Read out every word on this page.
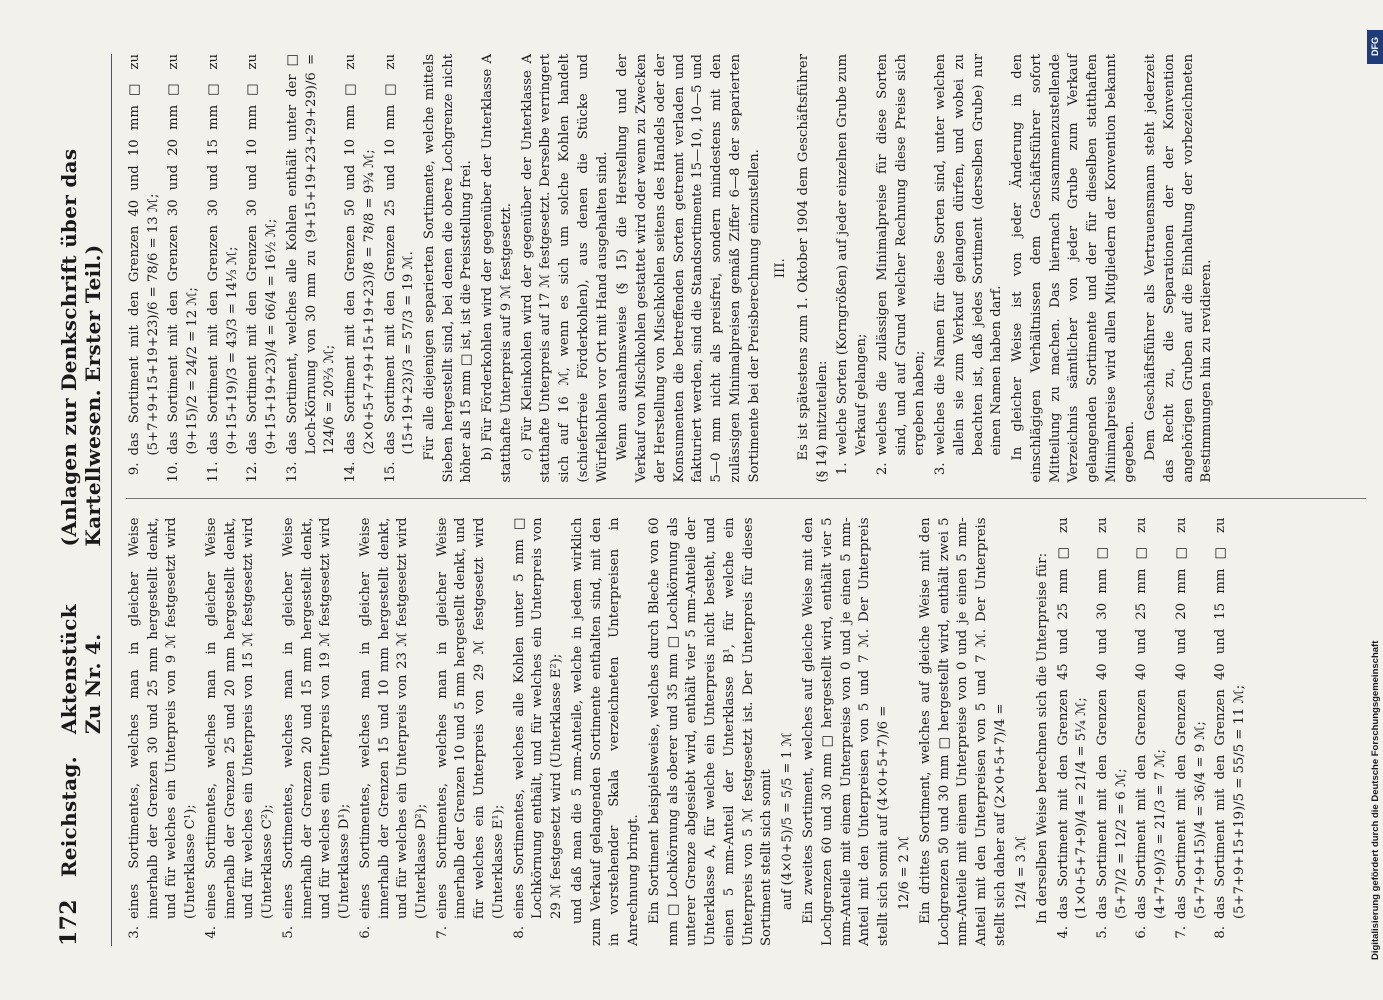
172
Reichstag.
Aktenstück Zu Nr. 4.
(Anlagen zur Denkschrift über das Kartellwesen. Erster Teil.)
3.
eines Sortimentes, welches man in gleicher Weise innerhalb der Grenzen 30 und 25 mm hergestellt denkt, und für welches ein Unterpreis von 9 ℳ festgesetzt wird (Unterklasse C¹);
4.
eines Sortimentes, welches man in gleicher Weise innerhalb der Grenzen 25 und 20 mm hergestellt denkt, und für welches ein Unterpreis von 15 ℳ festgesetzt wird (Unterklasse C²);
5.
eines Sortimentes, welches man in gleicher Weise innerhalb der Grenzen 20 und 15 mm hergestellt denkt, und für welches ein Unterpreis von 19 ℳ festgesetzt wird (Unterklasse D¹);
6.
eines Sortimentes, welches man in gleicher Weise innerhalb der Grenzen 15 und 10 mm hergestellt denkt, und für welches ein Unterpreis von 23 ℳ festgesetzt wird (Unterklasse D²);
7.
eines Sortimentes, welches man in gleicher Weise innerhalb der Grenzen 10 und 5 mm hergestellt denkt, und für welches ein Unterpreis von 29 ℳ festgesetzt wird (Unterklasse E¹);
8.
eines Sortimentes, welches alle Kohlen unter 5 mm □ Lochkörnung enthält, und für welches ein Unterpreis von 29 ℳ festgesetzt wird (Unterklasse E²); und daß man die 5 mm-Anteile, welche in jedem wirklich zum Verkauf gelangenden Sortimente enthalten sind, mit den in vorstehender Skala verzeichneten Unterpreisen in Anrechnung bringt. Ein Sortiment beispielsweise, welches durch Bleche von 60 mm □ Lochkörnung als oberer und 35 mm □ Lochkörnung als unterer Grenze abgesiebt wird, enthält vier 5 mm-Anteile der Unterklasse A, für welche ein Unterpreis nicht besteht, und einen 5 mm-Anteil der Unterklasse B¹, für welche ein Unterpreis von 5 ℳ festgesetzt ist. Der Unterpreis für dieses Sortiment stellt sich somit auf (4×0+5)/5 = 5/5 = 1 ℳ Ein zweites Sortiment, welches auf gleiche Weise mit den Lochgrenzen 60 und 30 mm □ hergestellt wird, enthält vier 5 mm-Anteile mit einem Unterpreise von 0 und je einen 5 mm-Anteil mit den Unterpreisen von 5 und 7 ℳ. Der Unterpreis stellt sich somit auf (4×0+5+7)/6 = 12/6 = 2 ℳ Ein drittes Sortiment, welches auf gleiche Weise mit den Lochgrenzen 50 und 30 mm □ hergestellt wird, enthält zwei 5 mm-Anteile mit einem Unterpreise von 0 und je einen 5 mm-Anteil mit den Unterpreisen von 5 und 7 ℳ. Der Unterpreis stellt sich daher auf (2×0+5+7)/4 = 12/4 = 3 ℳ In derselben Weise berechnen sich die Unterpreise für:

4.
das Sortiment mit den Grenzen 45 und 25 mm □ zu (1×0+5+7+9)/4 = 21/4 = 5¼ ℳ;
5.
das Sortiment mit den Grenzen 40 und 30 mm □ zu (5+7)/2 = 12/2 = 6 ℳ;
6.
das Sortiment mit den Grenzen 40 und 25 mm □ zu (4+7+9)/3 = 21/3 = 7 ℳ;
7.
das Sortiment mit den Grenzen 40 und 20 mm □ zu (5+7+9+15)/4 = 36/4 = 9 ℳ;
8.
das Sortiment mit den Grenzen 40 und 15 mm □ zu (5+7+9+15+19)/5 = 55/5 = 11 ℳ;
9.
das Sortiment mit den Grenzen 40 und 10 mm □ zu (5+7+9+15+19+23)/6 = 78/6 = 13 ℳ;
10.
das Sortiment mit den Grenzen 30 und 20 mm □ zu (9+15)/2 = 24/2 = 12 ℳ;
11.
das Sortiment mit den Grenzen 30 und 15 mm □ zu (9+15+19)/3 = 43/3 = 14⅓ ℳ;
12.
das Sortiment mit den Grenzen 30 und 10 mm □ zu (9+15+19+23)/4 = 66/4 = 16½ ℳ;
13.
das Sortiment, welches alle Kohlen enthält unter der □ Loch-Körnung von 30 mm zu (9+15+19+23+29+29)/6 = 124/6 = 20⅔ ℳ;
14.
das Sortiment mit den Grenzen 50 und 10 mm □ zu (2×0+5+7+9+15+19+23)/8 = 78/8 = 9¾ ℳ;
15.
das Sortiment mit den Grenzen 25 und 10 mm □ zu (15+19+23)/3 = 57/3 = 19 ℳ. Für alle diejenigen separierten Sortimente, welche mittels Sieben hergestellt sind, bei denen die obere Lochgrenze nicht höher als 15 mm □ ist, ist die Preisstellung frei. b) Für Förderkohlen wird der gegenüber der Unterklasse A statthafte Unterpreis auf 9 ℳ festgesetzt. c) Für Kleinkohlen wird der gegenüber der Unterklasse A statthafte Unterpreis auf 17 ℳ festgesetzt. Derselbe verringert sich auf 16 ℳ, wenn es sich um solche Kohlen handelt (schieferfreie Förderkohlen), aus denen die Stücke und Würfelkohlen vor Ort mit Hand ausgehalten sind. Wenn ausnahmsweise (§ 15) die Herstellung und der Verkauf von Mischkohlen gestattet wird oder wenn zu Zwecken der Herstellung von Mischkohlen seitens des Handels oder der Konsumenten die betreffenden Sorten getrennt verladen und fakturiert werden, sind die Standsortimente 15—10, 10—5 und 5—0 mm nicht als preisfrei, sondern mindestens mit den zulässigen Minimalpreisen gemäß Ziffer 6—8 der separierten Sortimente bei der Preisberechnung einzustellen. III. Es ist spätestens zum 1. Oktober 1904 dem Geschäftsführer (§ 14) mitzuteilen: 1.
welche Sorten (Korngrößen) auf jeder einzelnen Grube zum Verkauf gelangen;
2.
welches die zulässigen Minimalpreise für diese Sorten sind, und auf Grund welcher Rechnung diese Preise sich ergeben haben;
3.
welches die Namen für diese Sorten sind, unter welchen allein sie zum Verkauf gelangen dürfen, und wobei zu beachten ist, daß jedes Sortiment (derselben Grube) nur einen Namen haben darf. In gleicher Weise ist von jeder Änderung in den einschlägigen Verhältnissen dem Geschäftsführer sofort Mitteilung zu machen. Das hiernach zusammenzustellende Verzeichnis sämtlicher von jeder Grube zum Verkauf gelangenden Sortimente und der für dieselben statthaften Minimalpreise wird allen Mitgliedern der Konvention bekannt gegeben. Dem Geschäftsführer als Vertrauensmann steht jederzeit das Recht zu, die Separationen der der Konvention angehörigen Gruben auf die Einhaltung der vorbezeichneten Bestimmungen hin zu revidieren.

Digitalisierung gefördert durch die Deutsche Forschungsgemeinschaft
DFG
